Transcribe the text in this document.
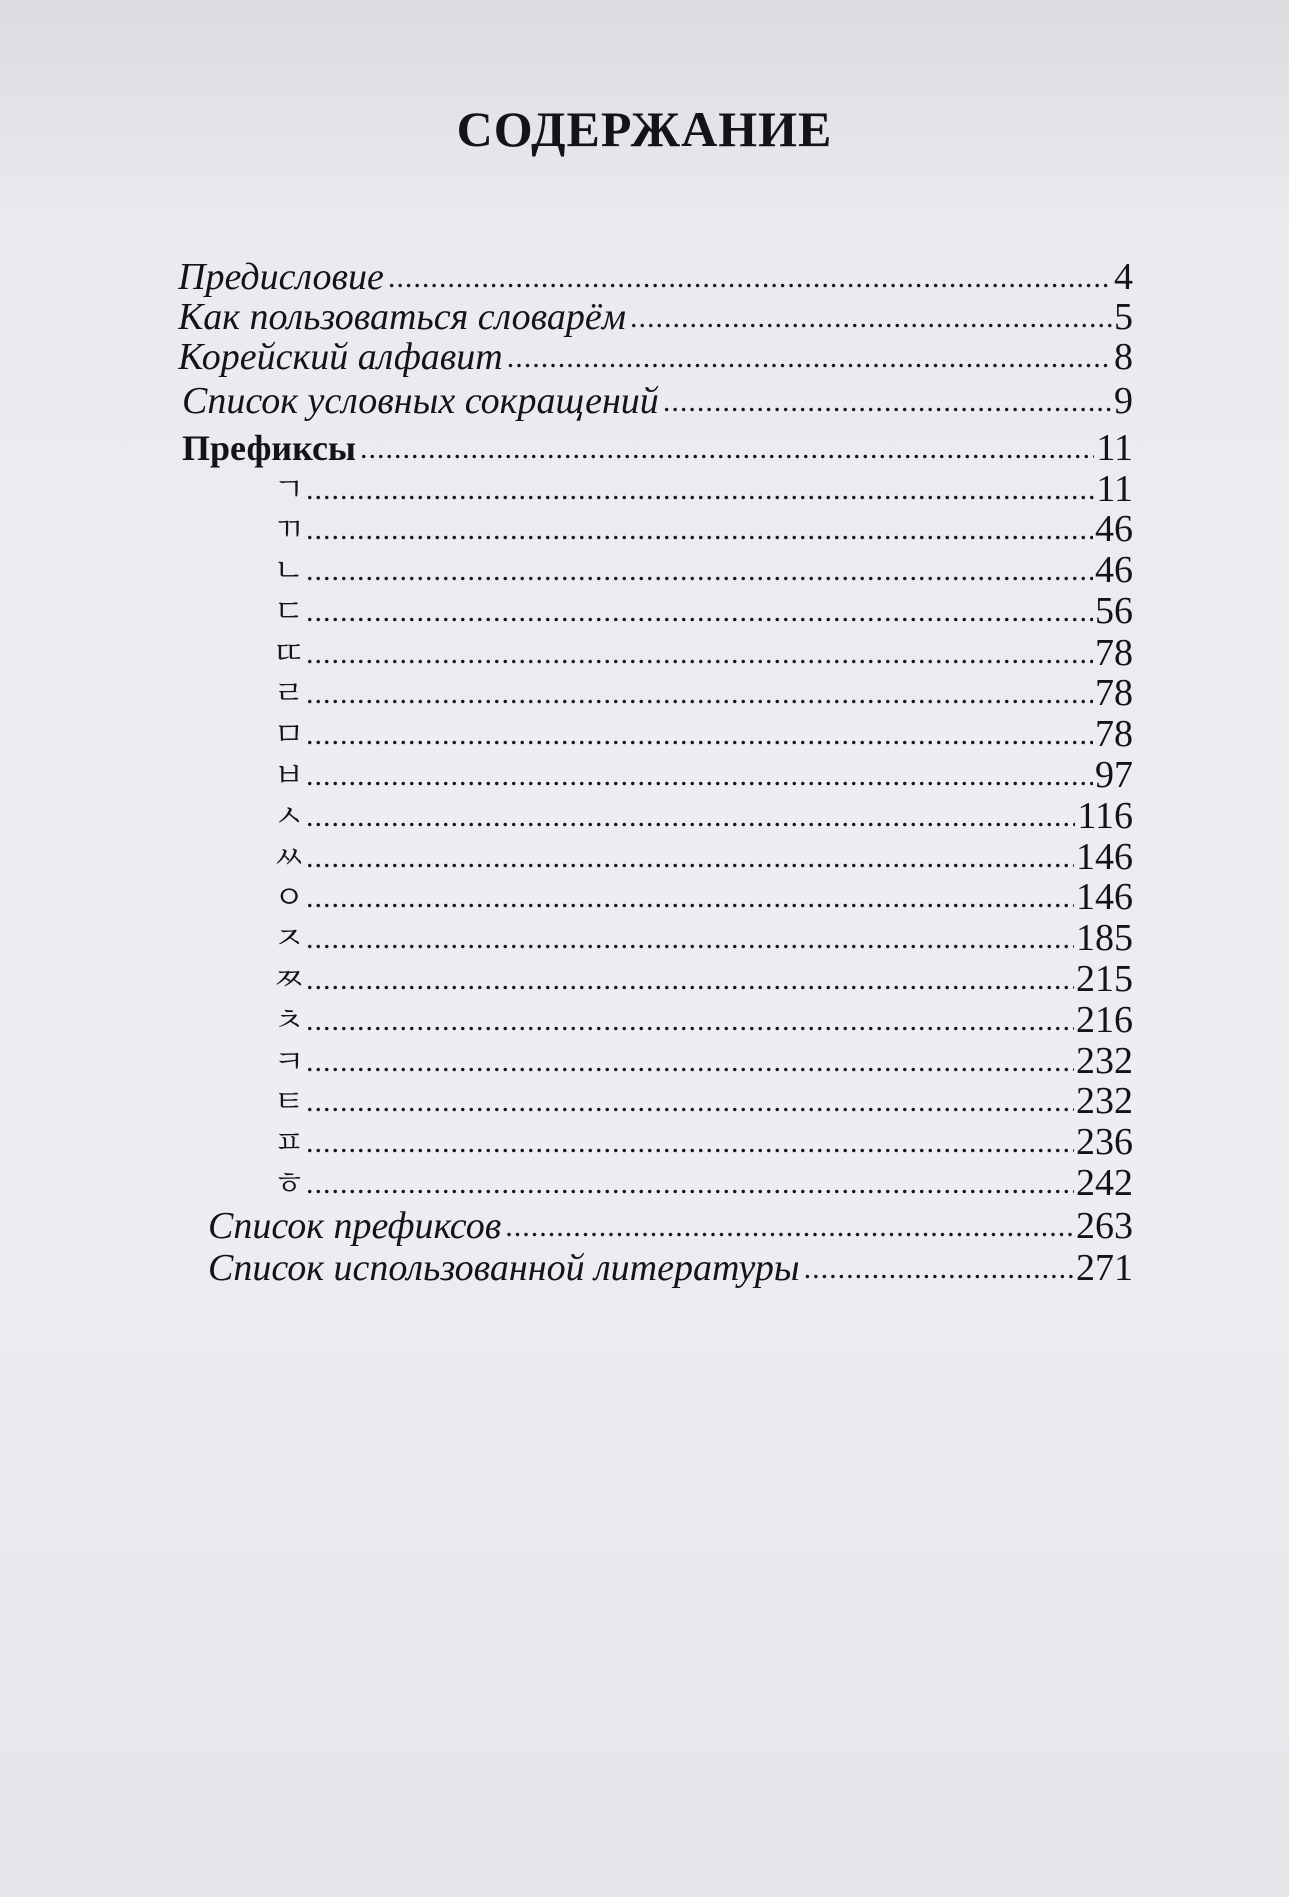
СОДЕРЖАНИЕ
Предисловие .....	4
Как пользоваться словарём .....	5
Корейский алфавит .....	8
Список условных сокращений .....	9
Префиксы .....	11
ㄱ .....	11
ㄲ .....	46
ㄴ .....	46
ㄷ .....	56
ㄸ .....	78
ㄹ .....	78
ㅁ .....	78
ㅂ .....	97
ㅅ .....	116
ㅆ .....	146
ㅇ .....	146
ㅈ .....	185
ㅉ .....	215
ㅊ .....	216
ㅋ .....	232
ㅌ .....	232
ㅍ .....	236
ㅎ .....	242
Список префиксов .....	263
Список использованной литературы .....	271
